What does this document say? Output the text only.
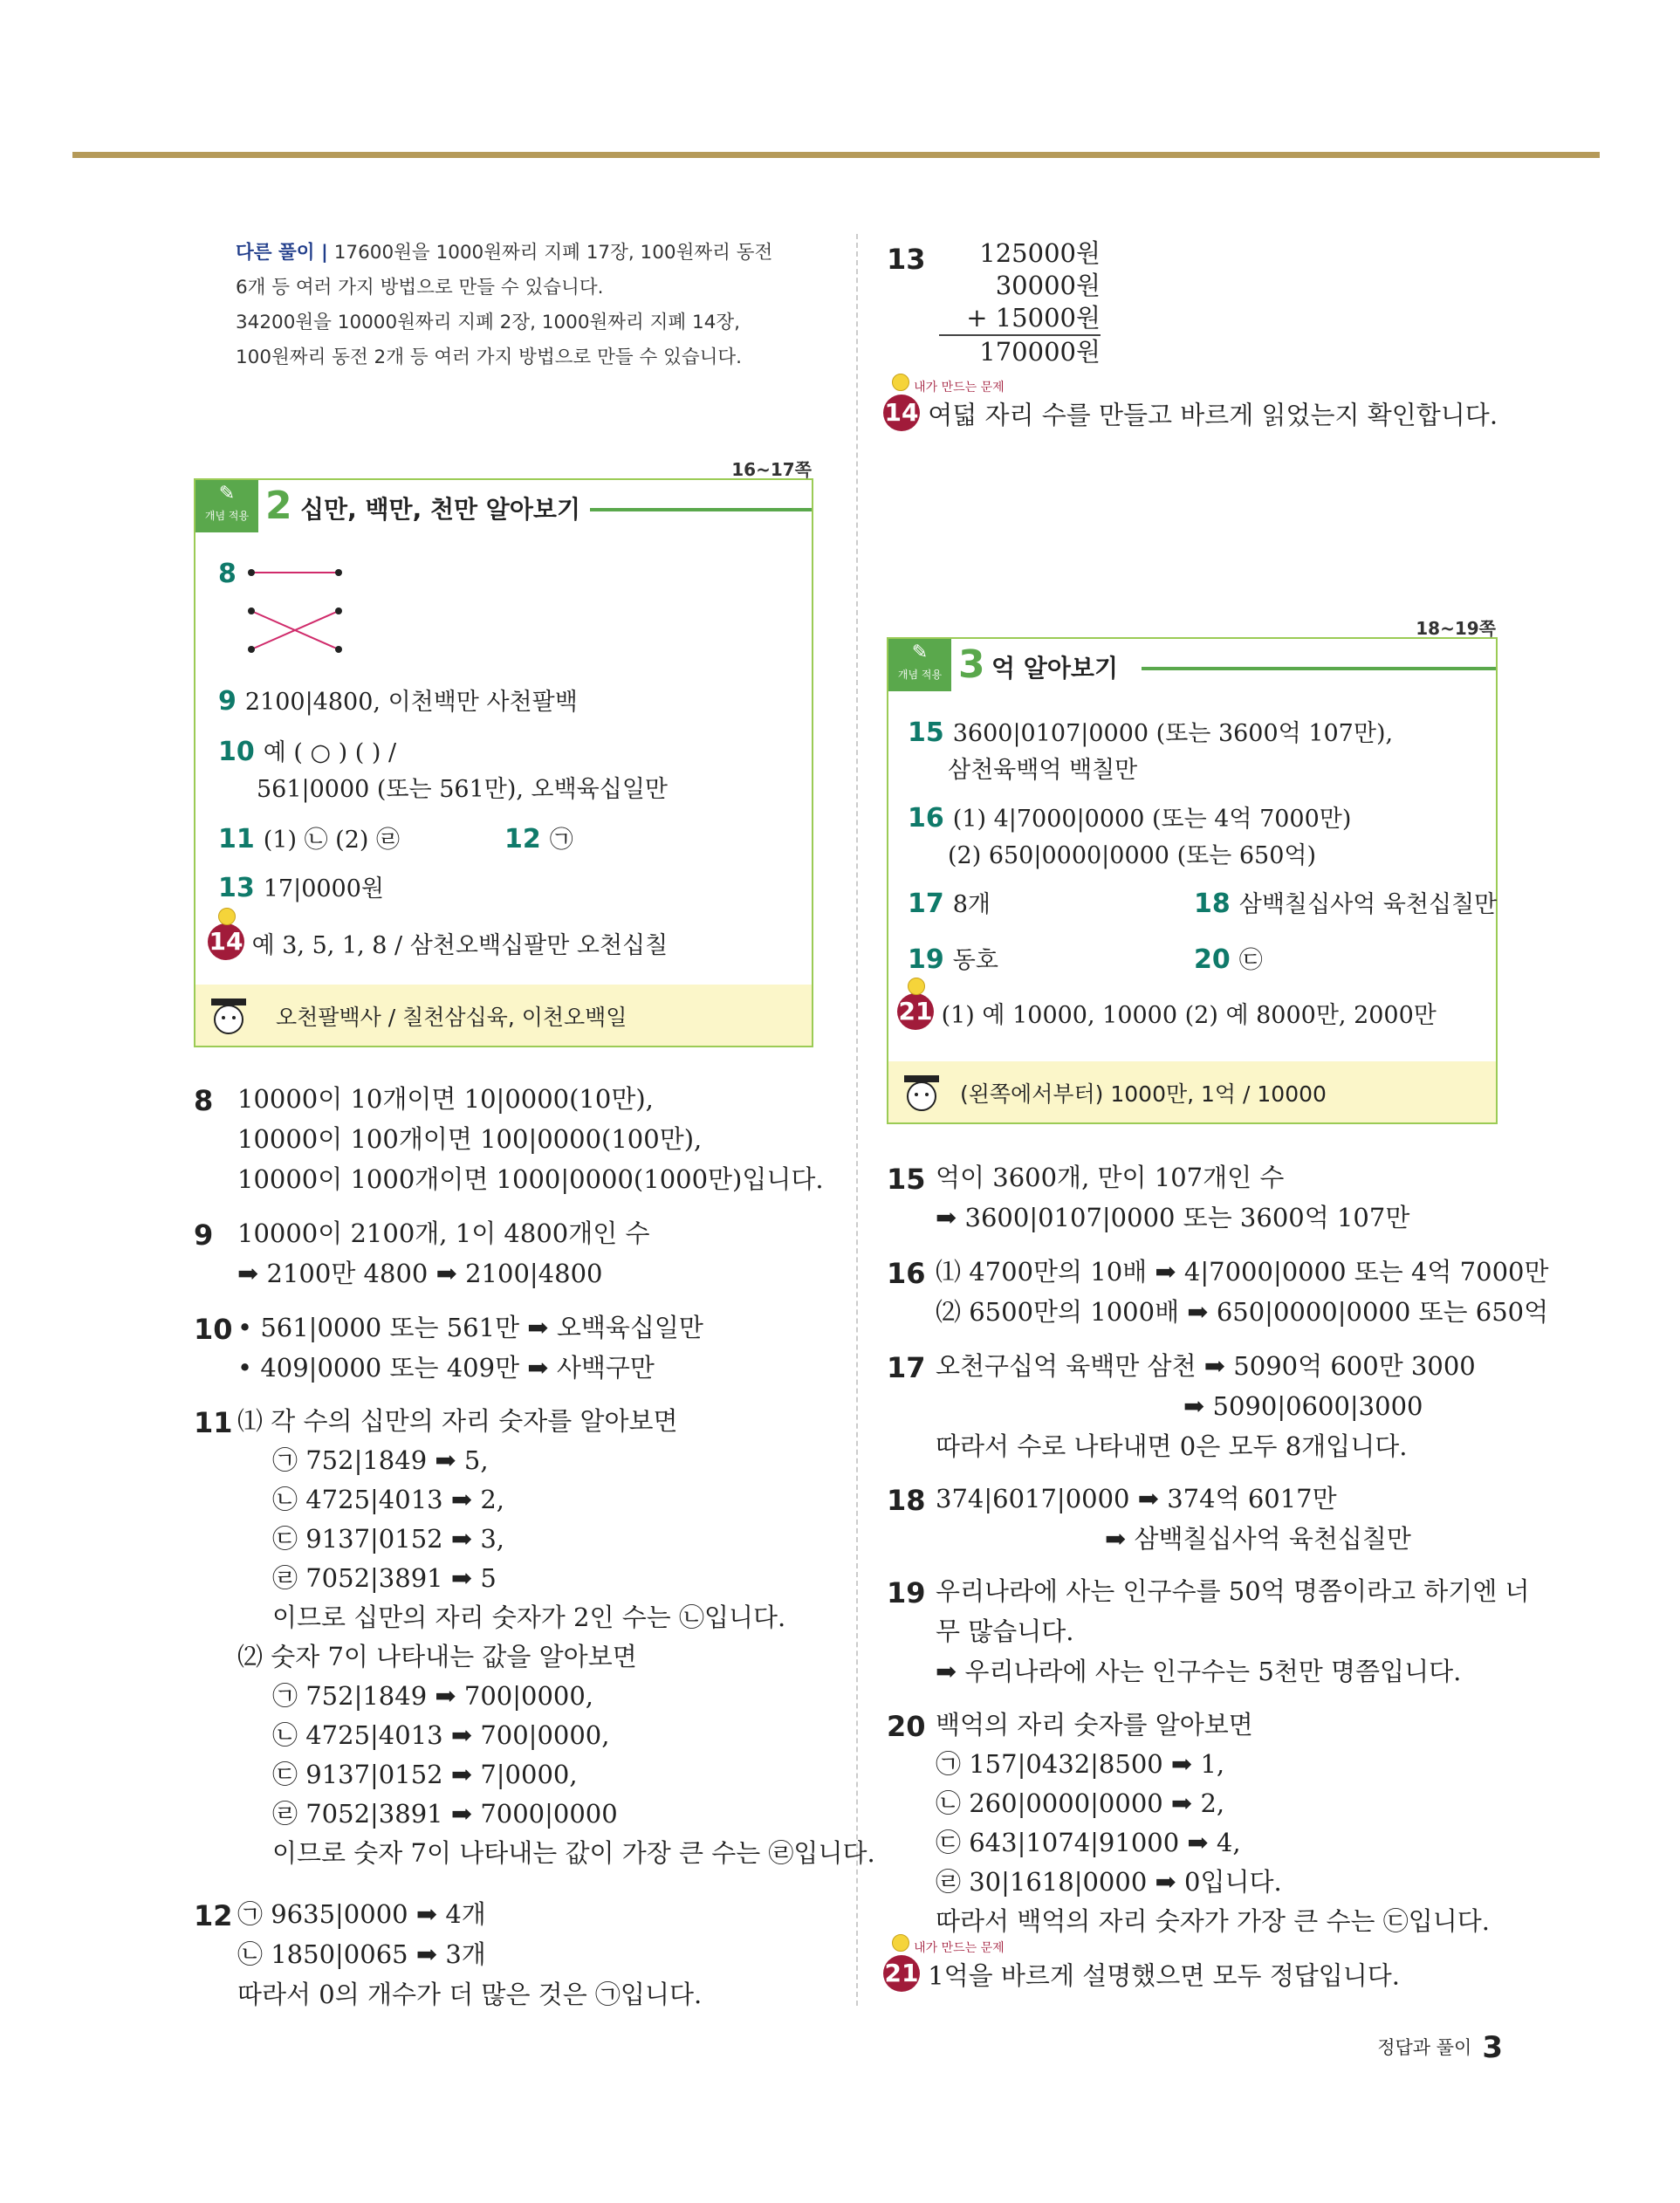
다른 풀이 | 17600원을 1000원짜리 지폐 17장, 100원짜리 동전

6개 등 여러 가지 방법으로 만들 수 있습니다.

34200원을 10000원짜리 지폐 2장, 1000원짜리 지폐 14장,

100원짜리 동전 2개 등 여러 가지 방법으로 만들 수 있습니다.

13	125000원
30000원
+ 15000원
170000원
내가 만드는 문제
14 여덟 자리 수를 만들고 바르게 읽었는지 확인합니다.
✎
개념 적용 2 십만, 백만, 천만 알아보기
16~17쪽
8
9 2100|4800, 이천백만 사천팔백
10 예 ( ○ ) ( ) /
561|0000 (또는 561만), 오백육십일만
11 (1) ㉡ (2) ㉣	12 ㉠
13 17|0000원
14 예 3, 5, 1, 8 / 삼천오백십팔만 오천십칠
오천팔백사 / 칠천삼십육, 이천오백일
✎
개념 적용 3 억 알아보기
18~19쪽
15 3600|0107|0000 (또는 3600억 107만),
삼천육백억 백칠만
16 (1) 4|7000|0000 (또는 4억 7000만)
(2) 650|0000|0000 (또는 650억)
17 8개	18 삼백칠십사억 육천십칠만
19 동호	20 ㉢
21 (1) 예 10000, 10000 (2) 예 8000만, 2000만
(왼쪽에서부터) 1000만, 1억 / 10000
8 10000이 10개이면 10|0000(10만),

10000이 100개이면 100|0000(100만),

10000이 1000개이면 1000|0000(1000만)입니다.

9 10000이 2100개, 1이 4800개인 수

➡ 2100만 4800 ➡ 2100|4800

10 • 561|0000 또는 561만 ➡ 오백육십일만

• 409|0000 또는 409만 ➡ 사백구만

11 ⑴ 각 수의 십만의 자리 숫자를 알아보면

㉠ 752|1849 ➡ 5,

㉡ 4725|4013 ➡ 2,

㉢ 9137|0152 ➡ 3,

㉣ 7052|3891 ➡ 5

이므로 십만의 자리 숫자가 2인 수는 ㉡입니다.

⑵ 숫자 7이 나타내는 값을 알아보면

㉠ 752|1849 ➡ 700|0000,

㉡ 4725|4013 ➡ 700|0000,

㉢ 9137|0152 ➡ 7|0000,

㉣ 7052|3891 ➡ 7000|0000

이므로 숫자 7이 나타내는 값이 가장 큰 수는 ㉣입니다.

12 ㉠ 9635|0000 ➡ 4개

㉡ 1850|0065 ➡ 3개

따라서 0의 개수가 더 많은 것은 ㉠입니다.

15 억이 3600개, 만이 107개인 수

➡ 3600|0107|0000 또는 3600억 107만

16 ⑴ 4700만의 10배 ➡ 4|7000|0000 또는 4억 7000만

⑵ 6500만의 1000배 ➡ 650|0000|0000 또는 650억

17 오천구십억 육백만 삼천 ➡ 5090억 600만 3000

➡ 5090|0600|3000

따라서 수로 나타내면 0은 모두 8개입니다.

18 374|6017|0000 ➡ 374억 6017만

➡ 삼백칠십사억 육천십칠만

19 우리나라에 사는 인구수를 50억 명쯤이라고 하기엔 너

무 많습니다.

➡ 우리나라에 사는 인구수는 5천만 명쯤입니다.

20 백억의 자리 숫자를 알아보면

㉠ 157|0432|8500 ➡ 1,

㉡ 260|0000|0000 ➡ 2,

㉢ 643|1074|91000 ➡ 4,

㉣ 30|1618|0000 ➡ 0입니다.

따라서 백억의 자리 숫자가 가장 큰 수는 ㉢입니다.

내가 만드는 문제
21 1억을 바르게 설명했으면 모두 정답입니다.
정답과 풀이 3
